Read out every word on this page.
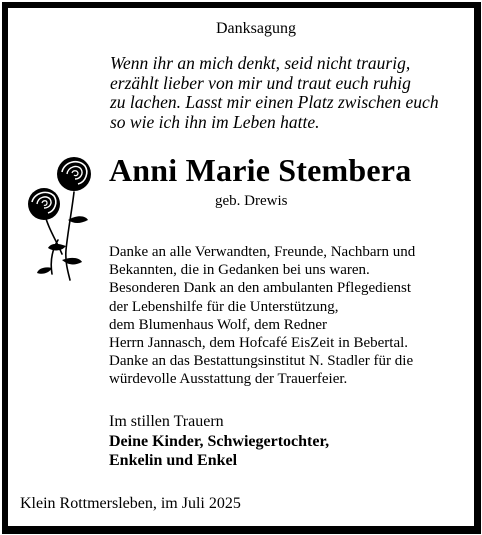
Danksagung
Wenn ihr an mich denkt, seid nicht traurig,
erzählt lieber von mir und traut euch ruhig
zu lachen. Lasst mir einen Platz zwischen euch
so wie ich ihn im Leben hatte.
Anni Marie Stembera
geb. Drewis
Danke an alle Verwandten, Freunde, Nachbarn und
Bekannten, die in Gedanken bei uns waren.
Besonderen Dank an den ambulanten Pflegedienst
der Lebenshilfe für die Unterstützung,
dem Blumenhaus Wolf, dem Redner
Herrn Jannasch, dem Hofcafé EisZeit in Bebertal.
Danke an das Bestattungsinstitut N. Stadler für die
würdevolle Ausstattung der Trauerfeier.
Im stillen Trauern
Deine Kinder, Schwiegertochter,
Enkelin und Enkel
Klein Rottmersleben, im Juli 2025
